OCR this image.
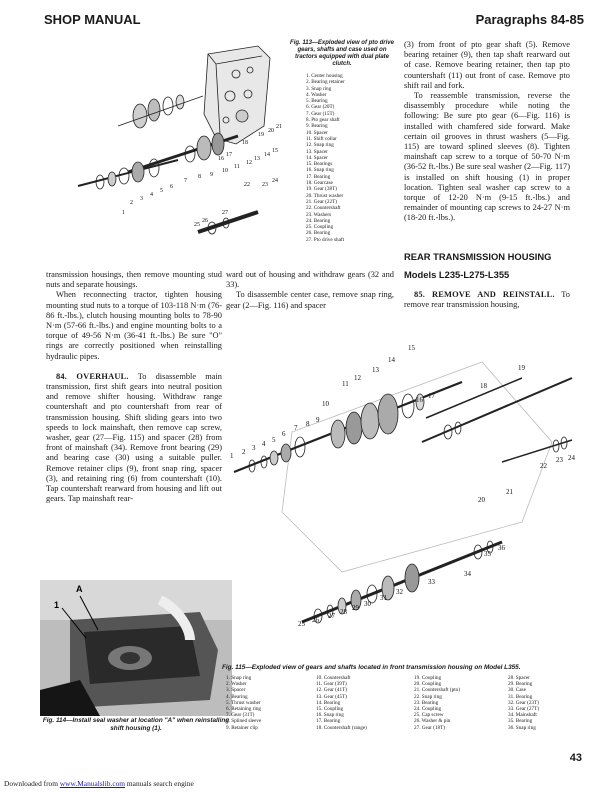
SHOP MANUAL	Paragraphs 84-85
1
2
3
4
5
6
7
8 9
10
11
12
13
14
15
16
17
18
19
20
21
22 23
24
25
26
27
Fig. 113—Exploded view of pto drive gears, shafts and case used on tractors equipped with dual plate clutch.
1. Center housing
2. Bearing retainer
3. Snap ring
4. Washer
5. Bearing
6. Gear (20T)
7. Gear (15T)
8. Pto gear shaft
9. Bearing
10. Spacer
11. Shift collar
12. Snap ring
13. Spacer
14. Spacer
15. Bearings
16. Snap ring
17. Bearing
18. Gearcase
19. Gear (38T)
20. Thrust washer
21. Gear (22T)
22. Countershaft
23. Washers
24. Bearing
25. Coupling
26. Bearing
27. Pto drive shaft

transmission housings, then remove mounting stud nuts and separate housings.

When reconnecting tractor, tighten housing mounting stud nuts to a torque of 103-118 N·m (76-86 ft.-lbs.), clutch housing mounting bolts to 78-90 N·m (57-66 ft.-lbs.) and engine mounting bolts to a torque of 49-56 N·m (36-41 ft.-lbs.) Be sure "O" rings are correctly positioned when reinstalling hydraulic pipes.

84. OVERHAUL. To disassemble main transmission, first shift gears into neutral position and remove shifter housing. Withdraw range countershaft and pto countershaft from rear of transmission housing. Shift sliding gears into two speeds to lock mainshaft, then remove cap screw, washer, gear (27—Fig. 115) and spacer (28) from front of mainshaft (34). Remove front bearing (29) and bearing case (30) using a suitable puller. Remove retainer clips (9), front snap ring, spacer (3), and retaining ring (6) from countershaft (10). Tap countershaft rearward from housing and lift out gears. Tap mainshaft rear-

ward out of housing and withdraw gears (32 and 33).

To disassemble center case, remove snap ring, gear (2—Fig. 116) and spacer

(3) from front of pto gear shaft (5). Remove bearing retainer (9), then tap shaft rearward out of case. Remove bearing retainer, then tap pto countershaft (11) out front of case. Remove pto shift rail and fork.

To reassemble transmission, reverse the disassembly procedure while noting the following: Be sure pto gear (6—Fig. 116) is installed with chamfered side forward. Make certain oil grooves in thrust washers (5—Fig. 115) are toward splined sleeves (8). Tighten mainshaft cap screw to a torque of 50-70 N·m (36-52 ft.-lbs.) Be sure seal washer (2—Fig. 117) is installed on shift housing (1) in proper location. Tighten seal washer cap screw to a torque of 12-20 N·m (9-15 ft.-lbs.) and remainder of mounting cap screws to 24-27 N·m (18-20 ft.-lbs.).

REAR TRANSMISSION HOUSING
Models L235-L275-L355

85. REMOVE AND REINSTALL. To remove rear transmission housing,

1 2 3 4 5
6
7 8 9
10
11
12
13
14
15
16 17
18
19
20
21
22
23 24
25 26 27 28 29 30
31
32
33
34
35
36
A
1
Fig. 114—Install seal washer at location "A" when reinstalling shift housing (1).
Fig. 115—Exploded view of gears and shafts located in front transmission housing on Model L355.
1. Snap ring
2. Washer
3. Spacer
4. Bearing
5. Thrust washer
6. Retaining ring
7. Gear (31T)
8. Splined sleeve
9. Retainer clip
10. Countershaft
11. Gear (39T)
12. Gear (41T)
13. Gear (45T)
14. Bearing
15. Coupling
16. Snap ring
17. Bearing
18. Countershaft (range)
19. Coupling
20. Coupling
21. Countershaft (pto)
22. Snap ring
23. Bearing
24. Coupling
25. Cap screw
26. Washer & pin
27. Gear (18T)
28. Spacer
29. Bearing
30. Case
31. Bearing
32. Gear (23T)
33. Gear (27T)
34. Mainshaft
35. Bearing
36. Snap ring
43
Downloaded from www.Manualslib.com manuals search engine
